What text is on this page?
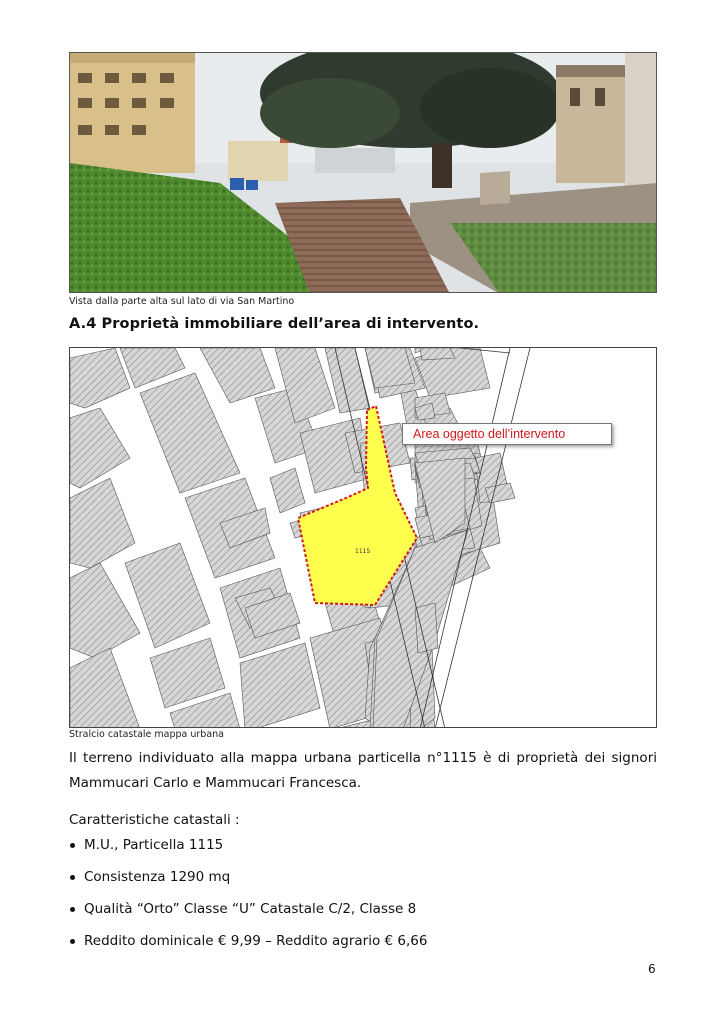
Vista dalla parte alta sul lato di via San Martino
A.4 Proprietà immobiliare dell’area di intervento.
1115
Area oggetto dell’intervento
Stralcio catastale mappa urbana
Il terreno individuato alla mappa urbana particella n°1115 è di proprietà dei signori Mammucari Carlo e Mammucari Francesca.
Caratteristiche catastali :
M.U., Particella 1115
Consistenza 1290 mq
Qualità “Orto” Classe “U” Catastale C/2, Classe 8
Reddito dominicale € 9,99 – Reddito agrario € 6,66
6
